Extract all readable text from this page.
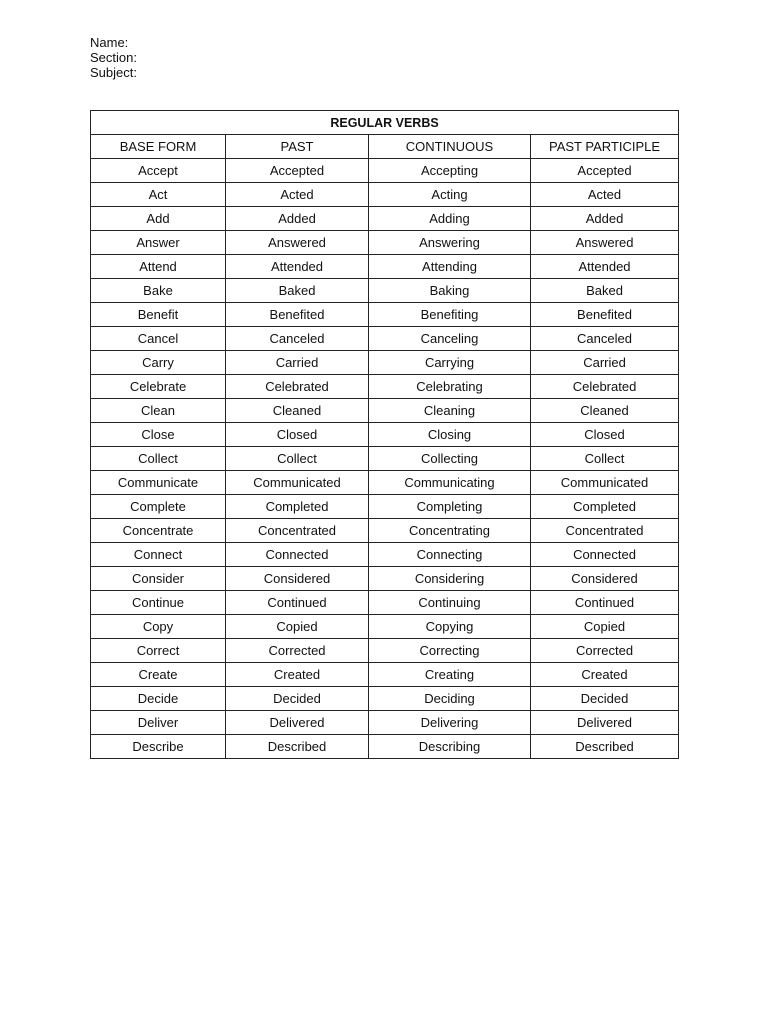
Name:
Section:
Subject:
REGULAR VERBS			
BASE FORM	PAST	CONTINUOUS	PAST PARTICIPLE
Accept	Accepted	Accepting	Accepted
Act	Acted	Acting	Acted
Add	Added	Adding	Added
Answer	Answered	Answering	Answered
Attend	Attended	Attending	Attended
Bake	Baked	Baking	Baked
Benefit	Benefited	Benefiting	Benefited
Cancel	Canceled	Canceling	Canceled
Carry	Carried	Carrying	Carried
Celebrate	Celebrated	Celebrating	Celebrated
Clean	Cleaned	Cleaning	Cleaned
Close	Closed	Closing	Closed
Collect	Collect	Collecting	Collect
Communicate	Communicated	Communicating	Communicated
Complete	Completed	Completing	Completed
Concentrate	Concentrated	Concentrating	Concentrated
Connect	Connected	Connecting	Connected
Consider	Considered	Considering	Considered
Continue	Continued	Continuing	Continued
Copy	Copied	Copying	Copied
Correct	Corrected	Correcting	Corrected
Create	Created	Creating	Created
Decide	Decided	Deciding	Decided
Deliver	Delivered	Delivering	Delivered
Describe	Described	Describing	Described
